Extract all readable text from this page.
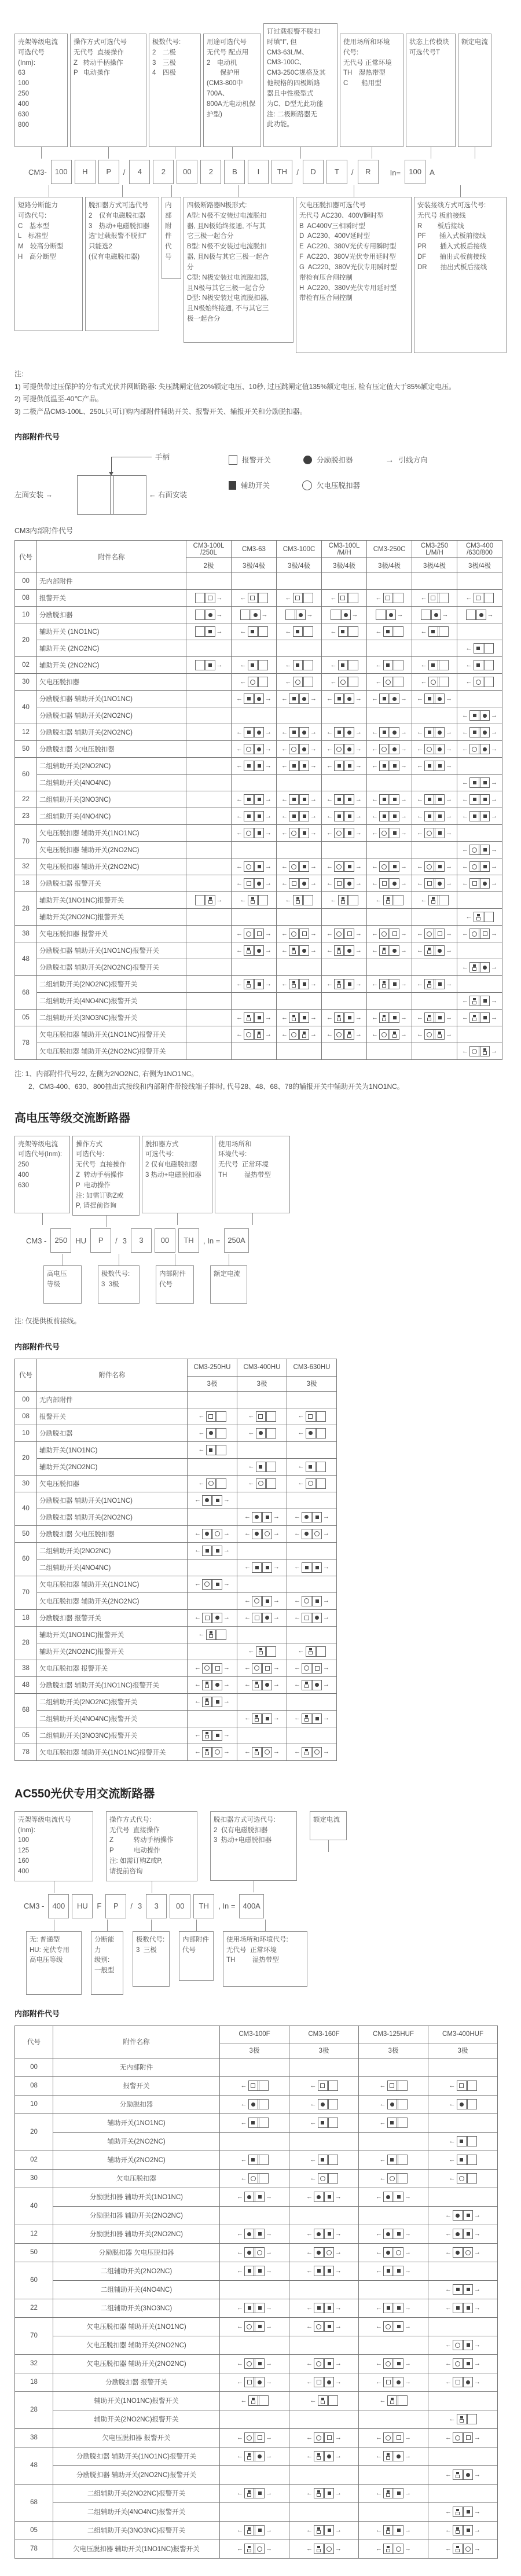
壳架等级电流
可选代号
(Inm):
63
100
250
400
630
800
操作方式可选代号
无代号  直接操作
Z   转动手柄操作
P   电动操作
极数代号:
2　二极
3　三极
4　四极
用途可选代号
无代号 配点用
2　电动机
　　保护用
(CM3-800中700A、
800A无电动机保护型)
订过载报警不脱扣
时填“I”, 但
CM3-63L/M、
CM3-100C、
CM3-250C规格及其
他规格的四极断路
器且中性极型式
为C、D型无此功能
注: 二极断路器无
此功能。
使用场所和环境
代号:
无代号 正常环境
TH　湿热带型
C　　船用型
状态上传模块
可选代号T
额定电流
CM3-	100	H	P	/	4	2	00	2	B	I	TH	/	D	T	/	R	　In=	100	A
短路分断能力
可选代号:
C　基本型
L　标准型
M　较高分断型
H　高分断型
脱扣器方式可选代号
2　仅有电磁脱扣器
3　热动+电磁脱扣器
选“过载报警不脱扣”
只能选2
(仅有电磁脱扣器)
内部
附件
代号
四极断路器N极形式:
A型: N极不安装过电流脱扣
器, 且N极始终接通, 不与其
它三极一起合分
B型: N极不安装过电流脱扣
器, 且N极与其它三极一起合
分
C型: N极安装过电流脱扣器,
且N极与其它三极一起合分
D型: N极安装过电流脱扣器,
且N极始终接通, 不与其它三
极一起合分
欠电压脱扣器可选代号
无代号 AC230、400V瞬时型
B  AC400V三相瞬时型
D  AC230、400V延时型
E  AC220、380V光伏专用瞬时型
F  AC220、380V光伏专用延时型
G  AC220、380V光伏专用瞬时型
带检有压合闸控制
H  AC220、380V光伏专用延时型
带检有压合闸控制
安装接线方式可选代号:
无代号 板前接线
R　　 板后接线
PF　　插入式板前接线
PR　　插入式板后接线
DF　　抽出式板前接线
DR　　抽出式板后接线
注:
1) 可提供带过压保护的分布式光伏并网断路器: 失压跳闸定值20%额定电压、10秒, 过压跳闸定值135%额定电压, 检有压定值大于85%额定电压。
2) 可提供低温至-40℃产品。
3) 二极产品CM3-100L、250L只可订购内部附件辅助开关、报警开关、辅报开关和分励脱扣器。
内部附件代号
手柄
左面安装 →	← 右面安装
报警开关	分励脱扣器	→ 引线方向
辅助开关	欠电压脱扣器
CM3内部附件代号
代号	附件名称	CM3-100L
/250L	CM3-63	CM3-100C	CM3-100L
/M/H	CM3-250C	CM3-250
L/M/H	CM3-400
/630/800
		2极	3极/4极	3极/4极	3极/4极	3极/4极	3极/4极	3极/4极
00	无内部附件							
08	报警开关	→	←	←	←	←	←	←

10	分励脱扣器	→	→	→	→	→	→	→

20	辅助开关 (1NO1NC)	→	←	←	←	←	←	

	辅助开关 (2NO2NC)							←

02	辅助开关 (2NO2NC)	→	←	←	←	←	←	←

30	欠电压脱扣器		←	←	←	←	←	←

40	分励脱扣器 辅助开关(1NO1NC)		← →	← →	← →	← →	← →	

	分励脱扣器 辅助开关(2NO2NC)							← →

12	分励脱扣器 辅助开关(2NO2NC)		← →	← →	← →	← →	← →	← →

50	分励脱扣器 欠电压脱扣器		← →	← →	← →	← →	← →	← →

60	二组辅助开关(2NO2NC)		← →	← →	← →	← →	← →	

	二组辅助开关(4NO4NC)							← →

22	二组辅助开关(3NO3NC)		← →	← →	← →	← →	← →	← →

23	二组辅助开关(4NO4NC)		← →	← →	← →	← →	← →	← →

70	欠电压脱扣器 辅助开关(1NO1NC)		← →	← →	← →	← →	← →	

	欠电压脱扣器 辅助开关(2NO2NC)							← →

32	欠电压脱扣器 辅助开关(2NO2NC)		← →	← →	← →	← →	← →	← →

18	分励脱扣器 报警开关		← →	← →	← →	← →	← →	← →

28	辅助开关(1NO1NC)报警开关	→	←	←	←	←	←	

	辅助开关(2NO2NC)报警开关							←

38	欠电压脱扣器 报警开关		← →	← →	← →	← →	← →	← →

48	分励脱扣器 辅助开关(1NO1NC)报警开关		← →	← →	← →	← →	← →	

	分励脱扣器 辅助开关(2NO2NC)报警开关							← →

68	二组辅助开关(2NO2NC)报警开关		← →	← →	← →	← →	← →	

	二组辅助开关(4NO4NC)报警开关							← →

05	二组辅助开关(3NO3NC)报警开关		← →	← →	← →	← →	← →	← →

78	欠电压脱扣器 辅助开关(1NO1NC)报警开关		← →	← →	← →	← →	← →	

	欠电压脱扣器 辅助开关(2NO2NC)报警开关							← →
注: 1、内部附件代号22, 左侧为2NO2NC, 右侧为1NO1NC。
　　2、CM3-400、630、800抽出式接线和内部附件带接线端子排时, 代号28、48、68、78的辅报开关中辅助开关为1NO1NC。
高电压等级交流断路器
壳架等级电流
可选代号(Inm):
250
400
630
操作方式
可选代号:
无代号  直接操作
Z  转动手柄操作
P  电动操作
注: 如需订购Z或
P, 请提前咨询
脱扣器方式
可选代号:
2 仅有电磁脱扣器
3 热动+电磁脱扣器
使用场所和
环境代号:
无代号  正常环境
TH　　  湿热带型
CM3 -	250	HU	P	/ 3	3	00	TH	, In =	250A
高电压
等级
极数代号:
3  3极
内部附件
代号
额定电流
注: 仅提供板前接线。
内部附件代号
代号	附件名称	CM3-250HU	CM3-400HU	CM3-630HU
		3极	3极	3极
00	无内部附件			
08	报警开关	←	←	←

10	分励脱扣器	←	←	←

20	辅助开关(1NO1NC)	←		

	辅助开关(2NO2NC)		←	←

30	欠电压脱扣器	←	←	←

40	分励脱扣器 辅助开关(1NO1NC)	← →		

	分励脱扣器 辅助开关(2NO2NC)		← →	← →

50	分励脱扣器 欠电压脱扣器	← →	← →	← →

60	二组辅助开关(2NO2NC)	← →		

	二组辅助开关(4NO4NC)		← →	← →

70	欠电压脱扣器 辅助开关(1NO1NC)	← →		

	欠电压脱扣器 辅助开关(2NO2NC)		← →	← →

18	分励脱扣器 报警开关	← →	← →	← →

28	辅助开关(1NO1NC)报警开关	←		

	辅助开关(2NO2NC)报警开关		←	←

38	欠电压脱扣器 报警开关	← →	← →	← →

48	分励脱扣器 辅助开关(1NO1NC)报警开关	← →	← →	← →

68	二组辅助开关(2NO2NC)报警开关	← →		

	二组辅助开关(4NO4NC)报警开关		← →	← →

05	二组辅助开关(3NO3NC)报警开关	← →		

78	欠电压脱扣器 辅助开关(1NO1NC)报警开关	← →	← →	← →
AC550光伏专用交流断路器
壳架等级电流代号
(Inm):
100
125
160
400
操作方式代号:
无代号  直接操作
Z　　　转动手柄操作
P　　　电动操作
注: 如需订购Z或P,
请提前咨询
脱扣器方式可选代号:
2  仅有电磁脱扣器
3  热动+电磁脱扣器
额定电流
CM3 -	400	HU	F	P	/ 3	3	00	TH	, In =	400A
无: 普通型
HU: 光伏专用
高电压等级
分断能力
级别:
一般型
极数代号:
3  三极
内部附件
代号
使用场所和环境代号:
无代号  正常环境
TH　　  湿热带型
内部附件代号
代号	附件名称	CM3-100F	CM3-160F	CM3-125HUF	CM3-400HUF
		3极	3极	3极	3极
00	无内部附件				
08	报警开关	←	←	←	←

10	分励脱扣器	←	←	←	←

20	辅助开关(1NO1NC)	←	←	←	

	辅助开关(2NO2NC)				←

02	辅助开关(2NO2NC)	←	←	←	←

30	欠电压脱扣器	←	←	←	←

40	分励脱扣器 辅助开关(1NO1NC)	← →	← →	← →	

	分励脱扣器 辅助开关(2NO2NC)				← →

12	分励脱扣器 辅助开关(2NO2NC)	← →	← →	← →	← →

50	分励脱扣器 欠电压脱扣器	← →	← →	← →	← →

60	二组辅助开关(2NO2NC)	← →	← →	← →	

	二组辅助开关(4NO4NC)				← →

22	二组辅助开关(3NO3NC)	← →	← →	← →	← →

70	欠电压脱扣器 辅助开关(1NO1NC)	← →	← →	← →	

	欠电压脱扣器 辅助开关(2NO2NC)				← →

32	欠电压脱扣器 辅助开关(2NO2NC)	← →	← →	← →	← →

18	分励脱扣器 报警开关	← →	← →	← →	← →

28	辅助开关(1NO1NC)报警开关	←	←	←	

	辅助开关(2NO2NC)报警开关				←

38	欠电压脱扣器 报警开关	← →	← →	← →	← →

48	分励脱扣器 辅助开关(1NO1NC)报警开关	← →	← →	← →	

	分励脱扣器 辅助开关(2NO2NC)报警开关				← →

68	二组辅助开关(2NO2NC)报警开关	← →	← →	← →	

	二组辅助开关(4NO4NC)报警开关				← →

05	二组辅助开关(3NO3NC)报警开关	← →	← →	← →	← →

78	欠电压脱扣器 辅助开关(1NO1NC)报警开关	← →	← →	← →	← →
